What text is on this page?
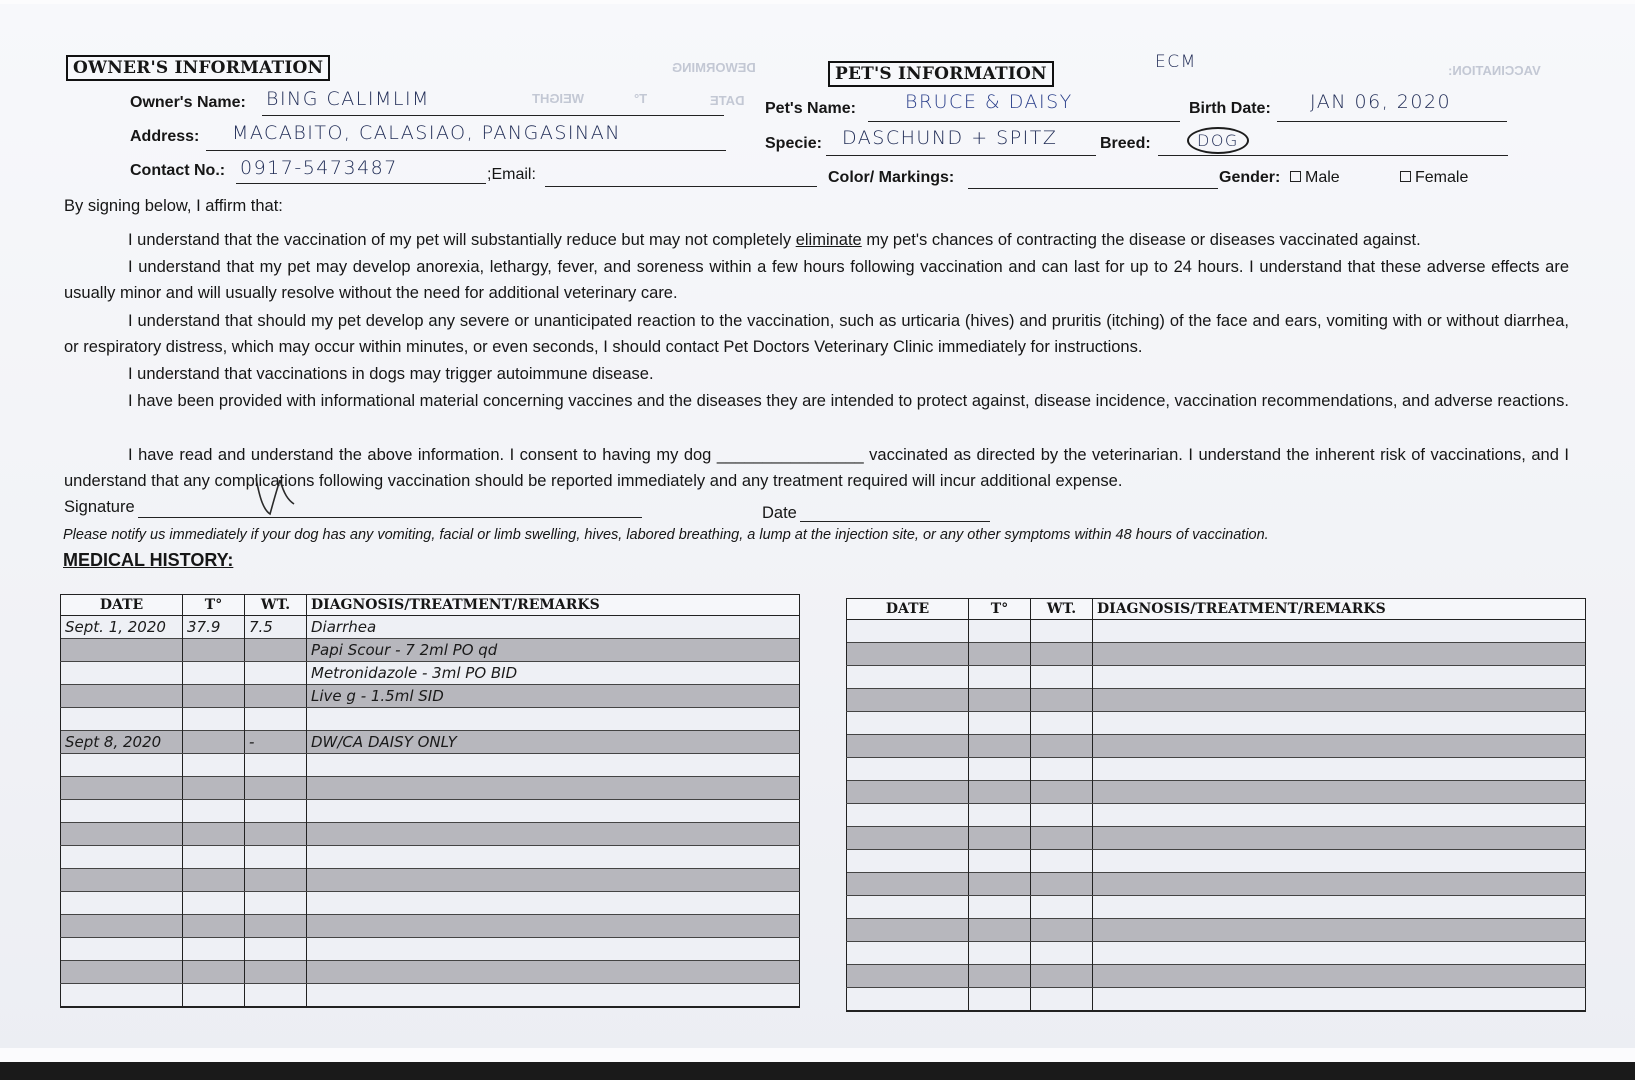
DEWORMING	VACCINATION:
WEIGHT	T°	DATE
OWNER'S INFORMATION
Owner's Name: BING CALIMLIM
Address: MACABITO, CALASIAO, PANGASINAN
Contact No.: 0917-5473487	;Email:
PET'S INFORMATION
ECM
Pet's Name:	BRUCE & DAISY	Birth Date: JAN 06, 2020
Specie: DASCHUND + SPITZ	Breed:	DOG
Color/ Markings:	Gender:	Male	Female
By signing below, I affirm that:
I understand that the vaccination of my pet will substantially reduce but may not completely eliminate my pet's chances of contracting the disease or diseases vaccinated against.
I understand that my pet may develop anorexia, lethargy, fever, and soreness within a few hours following vaccination and can last for up to 24 hours. I understand that these adverse effects are usually minor and will usually resolve without the need for additional veterinary care.
I understand that should my pet develop any severe or unanticipated reaction to the vaccination, such as urticaria (hives) and pruritis (itching) of the face and ears, vomiting with or without diarrhea, or respiratory distress, which may occur within minutes, or even seconds, I should contact Pet Doctors Veterinary Clinic immediately for instructions.
I understand that vaccinations in dogs may trigger autoimmune disease.
I have been provided with informational material concerning vaccines and the diseases they are intended to protect against, disease incidence, vaccination recommendations, and adverse reactions.
I have read and understand the above information. I consent to having my dog ________________ vaccinated as directed by the veterinarian. I understand the inherent risk of vaccinations, and I understand that any complications following vaccination should be reported immediately and any treatment required will incur additional expense.
Signature	Date
Please notify us immediately if your dog has any vomiting, facial or limb swelling, hives, labored breathing, a lump at the injection site, or any other symptoms within 48 hours of vaccination.
MEDICAL HISTORY:
DATE	T°	WT.	DIAGNOSIS/TREATMENT/REMARKS
Sept. 1, 2020	37.9	7.5	Diarrhea
			Papi Scour - 7 2ml PO qd
			Metronidazole - 3ml PO BID
			Live g - 1.5ml SID

Sept 8, 2020		-	DW/CA DAISY ONLY

DATE	T°	WT.	DIAGNOSIS/TREATMENT/REMARKS
